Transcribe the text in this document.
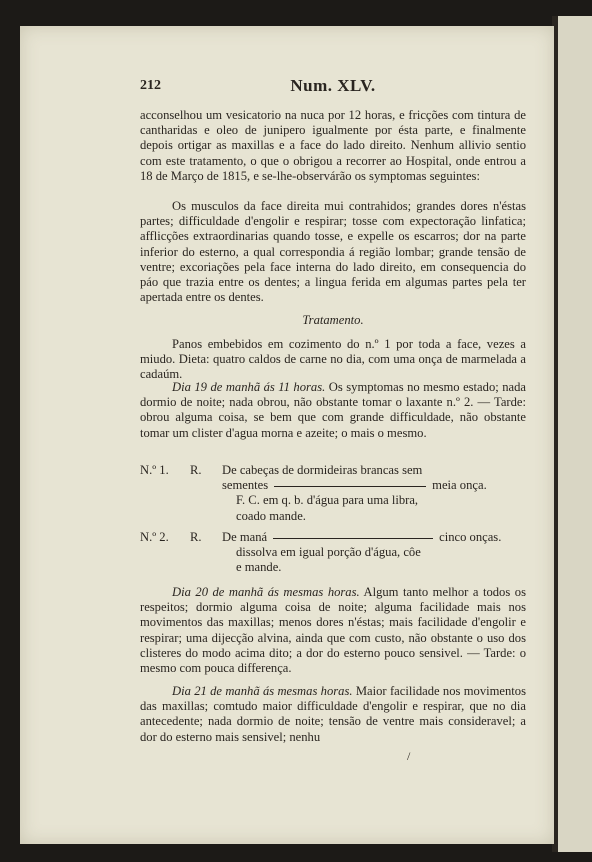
212	Num. XLV.

acconselhou um vesicatorio na nuca por 12 horas, e fricções com tintura de cantharidas e oleo de junipero igualmente por ésta parte, e finalmente depois ortigar as maxillas e a face do lado direito. Nenhum allivio sentio com este tratamento, o que o obrigou a recorrer ao Hospital, onde entrou a 18 de Março de 1815, e se-lhe-observárão os symptomas seguintes:

Os musculos da face direita mui contrahidos; grandes dores n'éstas partes; difficuldade d'engolir e respirar; tosse com expectoração linfatica; afflicções extraordinarias quando tosse, e expelle os escarros; dor na parte inferior do esterno, a qual correspondia á região lombar; grande tensão de ventre; excoriações pela face interna do lado direito, em consequencia do páo que trazia entre os dentes; a lingua ferida em algumas partes pela ter apertada entre os dentes.

Tratamento.

Panos embebidos em cozimento do n.º 1 por toda a face, vezes a miudo. Dieta: quatro caldos de carne no dia, com uma onça de marmelada a cadaúm.

Dia 19 de manhã ás 11 horas. Os symptomas no mesmo estado; nada dormio de noite; nada obrou, não obstante tomar o laxante n.º 2. — Tarde: obrou alguma coisa, se bem que com grande difficuldade, não obstante tomar um clister d'agua morna e azeite; o mais o mesmo.

N.º 1. R. De cabeças de dormideiras brancas sem
sementes	meia onça.
F. C. em q. b. d'água para uma libra,
coado mande.
N.º 2. R. De maná	cinco onças.
dissolva em igual porção d'água, côe
e mande.

Dia 20 de manhã ás mesmas horas. Algum tanto melhor a todos os respeitos; dormio alguma coisa de noite; alguma facilidade mais nos movimentos das maxillas; menos dores n'éstas; mais facilidade d'engolir e respirar; uma dijecção alvina, ainda que com custo, não obstante o uso dos clisteres do modo acima dito; a dor do esterno pouco sensivel. — Tarde: o mesmo com pouca differença.

Dia 21 de manhã ás mesmas horas. Maior facilidade nos movimentos das maxillas; comtudo maior difficuldade d'engolir e respirar, que no dia antecedente; nada dormio de noite; tensão de ventre mais consideravel; a dor do esterno mais sensivel; nenhu

/
